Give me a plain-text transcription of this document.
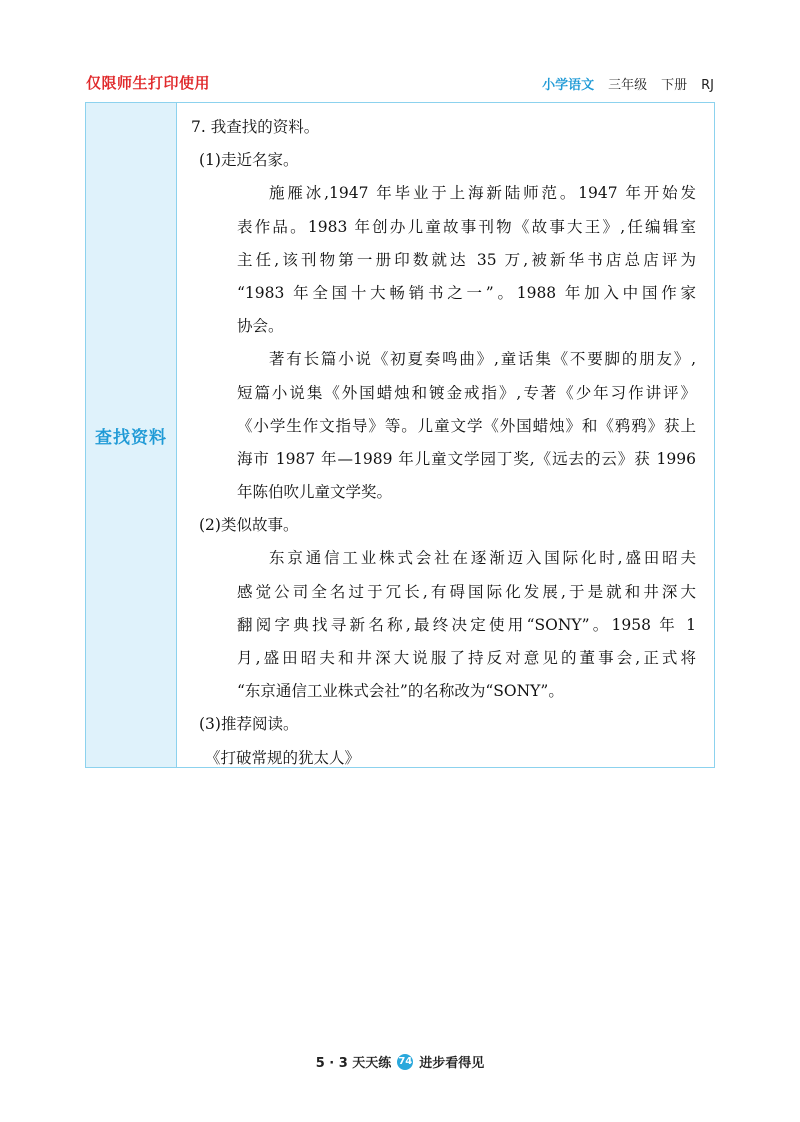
仅限师生打印使用	小学语文 三年级 下册 RJ
查找资料
7. 我查找的资料。
(1)走近名家。
施雁冰,1947 年毕业于上海新陆师范。1947 年开始发
表作品。1983 年创办儿童故事刊物《故事大王》,任编辑室
主任,该刊物第一册印数就达 35 万,被新华书店总店评为
“1983 年全国十大畅销书之一”。1988 年加入中国作家
协会。
著有长篇小说《初夏奏鸣曲》,童话集《不要脚的朋友》,
短篇小说集《外国蜡烛和镀金戒指》,专著《少年习作讲评》
《小学生作文指导》等。儿童文学《外国蜡烛》和《鸦鸦》获上
海市 1987 年—1989 年儿童文学园丁奖,《远去的云》获 1996
年陈伯吹儿童文学奖。
(2)类似故事。
东京通信工业株式会社在逐渐迈入国际化时,盛田昭夫
感觉公司全名过于冗长,有碍国际化发展,于是就和井深大
翻阅字典找寻新名称,最终决定使用“SONY”。1958 年 1
月,盛田昭夫和井深大说服了持反对意见的董事会,正式将
“东京通信工业株式会社”的名称改为“SONY”。
(3)推荐阅读。
《打破常规的犹太人》
5 · 3 天天练 74 进步看得见
